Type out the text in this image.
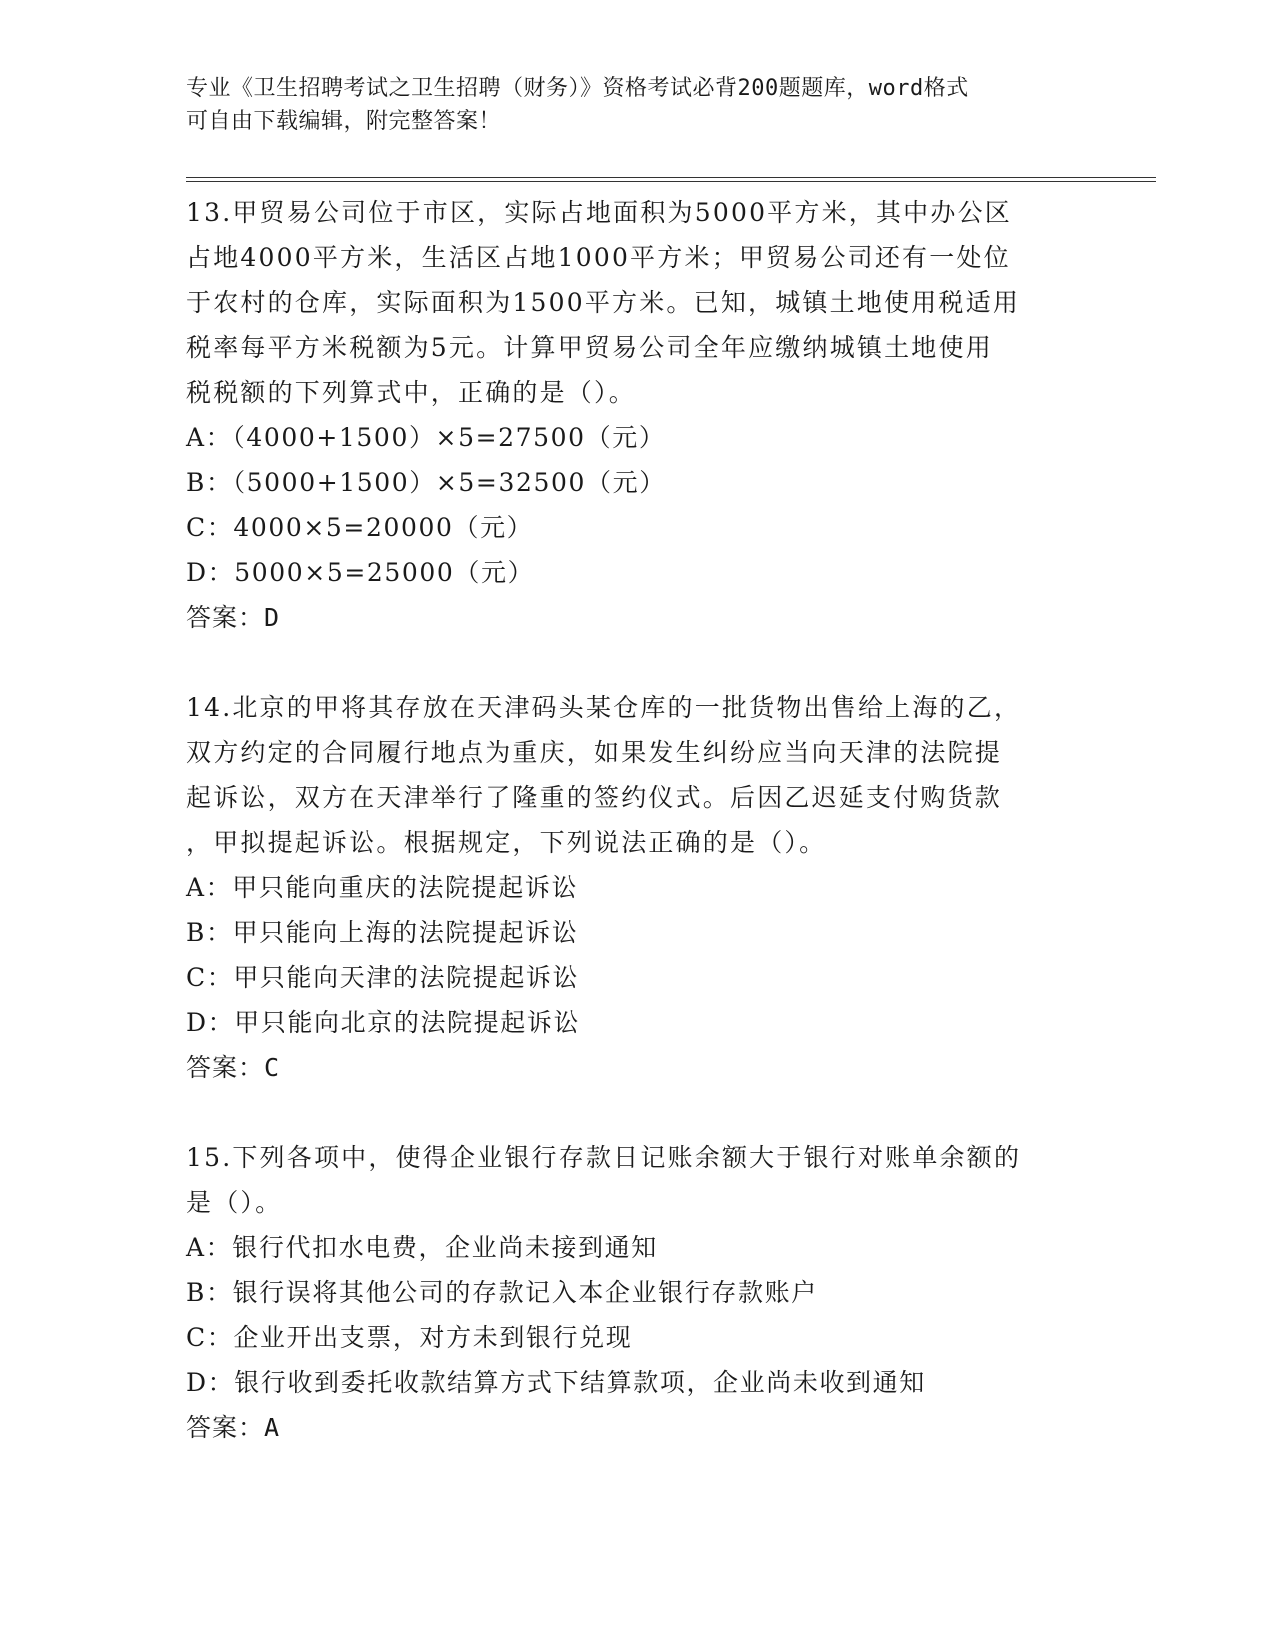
专业《卫生招聘考试之卫生招聘（财务）》资格考试必背200题题库，word格式
可自由下载编辑，附完整答案！
13.甲贸易公司位于市区，实际占地面积为5000平方米，其中办公区
占地4000平方米，生活区占地1000平方米；甲贸易公司还有一处位
于农村的仓库，实际面积为1500平方米。已知，城镇土地使用税适用
税率每平方米税额为5元。计算甲贸易公司全年应缴纳城镇土地使用
税税额的下列算式中，正确的是（）。
A：（4000+1500）×5=27500（元）
B：（5000+1500）×5=32500（元）
C：4000×5=20000（元）
D：5000×5=25000（元）
答案：D
14.北京的甲将其存放在天津码头某仓库的一批货物出售给上海的乙，
双方约定的合同履行地点为重庆，如果发生纠纷应当向天津的法院提
起诉讼，双方在天津举行了隆重的签约仪式。后因乙迟延支付购货款
，甲拟提起诉讼。根据规定，下列说法正确的是（）。
A：甲只能向重庆的法院提起诉讼
B：甲只能向上海的法院提起诉讼
C：甲只能向天津的法院提起诉讼
D：甲只能向北京的法院提起诉讼
答案：C
15.下列各项中，使得企业银行存款日记账余额大于银行对账单余额的
是（）。
A：银行代扣水电费，企业尚未接到通知
B：银行误将其他公司的存款记入本企业银行存款账户
C：企业开出支票，对方未到银行兑现
D：银行收到委托收款结算方式下结算款项，企业尚未收到通知
答案：A
